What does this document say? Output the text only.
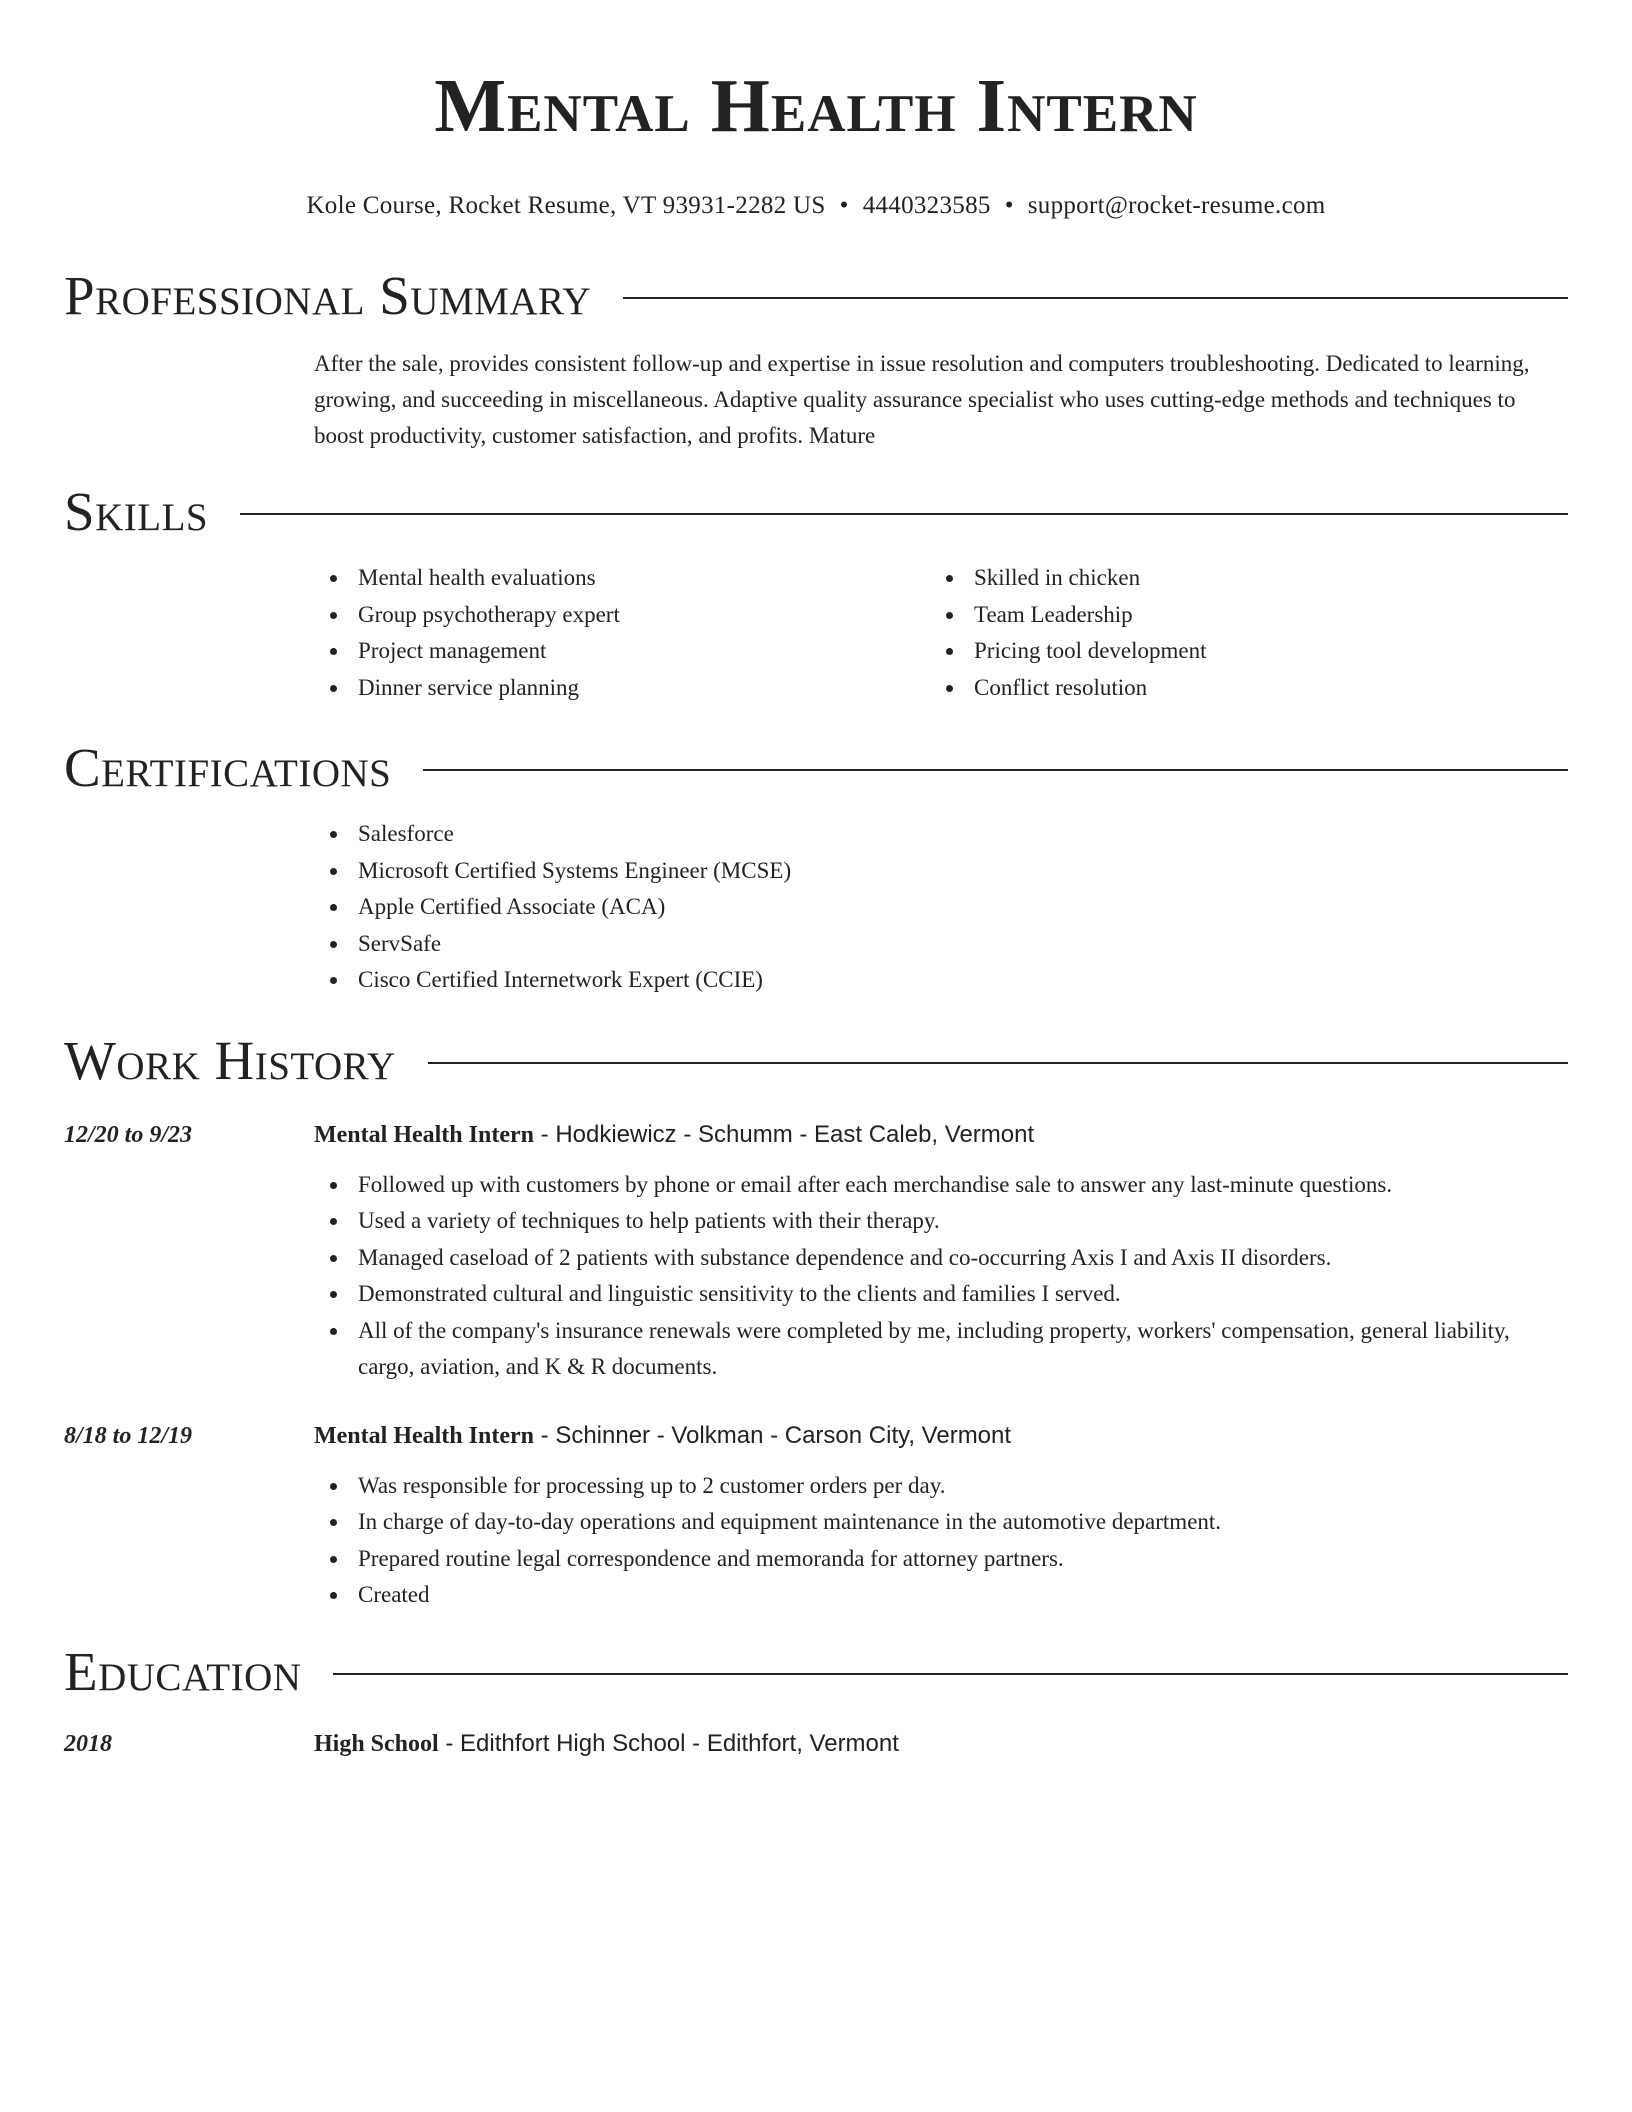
Mental Health Intern
Kole Course, Rocket Resume, VT 93931-2282 US • 4440323585 • support@rocket-resume.com
Professional Summary

After the sale, provides consistent follow-up and expertise in issue resolution and computers troubleshooting. Dedicated to learning, growing, and succeeding in miscellaneous. Adaptive quality assurance specialist who uses cutting-edge methods and techniques to boost productivity, customer satisfaction, and profits. Mature

Skills
Mental health evaluations
Group psychotherapy expert
Project management
Dinner service planning
Skilled in chicken
Team Leadership
Pricing tool development
Conflict resolution
Certifications
Salesforce
Microsoft Certified Systems Engineer (MCSE)
Apple Certified Associate (ACA)
ServSafe
Cisco Certified Internetwork Expert (CCIE)
Work History
12/20 to 9/23	Mental Health Intern - Hodkiewicz - Schumm - East Caleb, Vermont
Followed up with customers by phone or email after each merchandise sale to answer any last-minute questions.
Used a variety of techniques to help patients with their therapy.
Managed caseload of 2 patients with substance dependence and co-occurring Axis I and Axis II disorders.
Demonstrated cultural and linguistic sensitivity to the clients and families I served.
All of the company's insurance renewals were completed by me, including property, workers' compensation, general liability, cargo, aviation, and K & R documents.
8/18 to 12/19	Mental Health Intern - Schinner - Volkman - Carson City, Vermont
Was responsible for processing up to 2 customer orders per day.
In charge of day-to-day operations and equipment maintenance in the automotive department.
Prepared routine legal correspondence and memoranda for attorney partners.
Created
Education
2018	High School - Edithfort High School - Edithfort, Vermont
